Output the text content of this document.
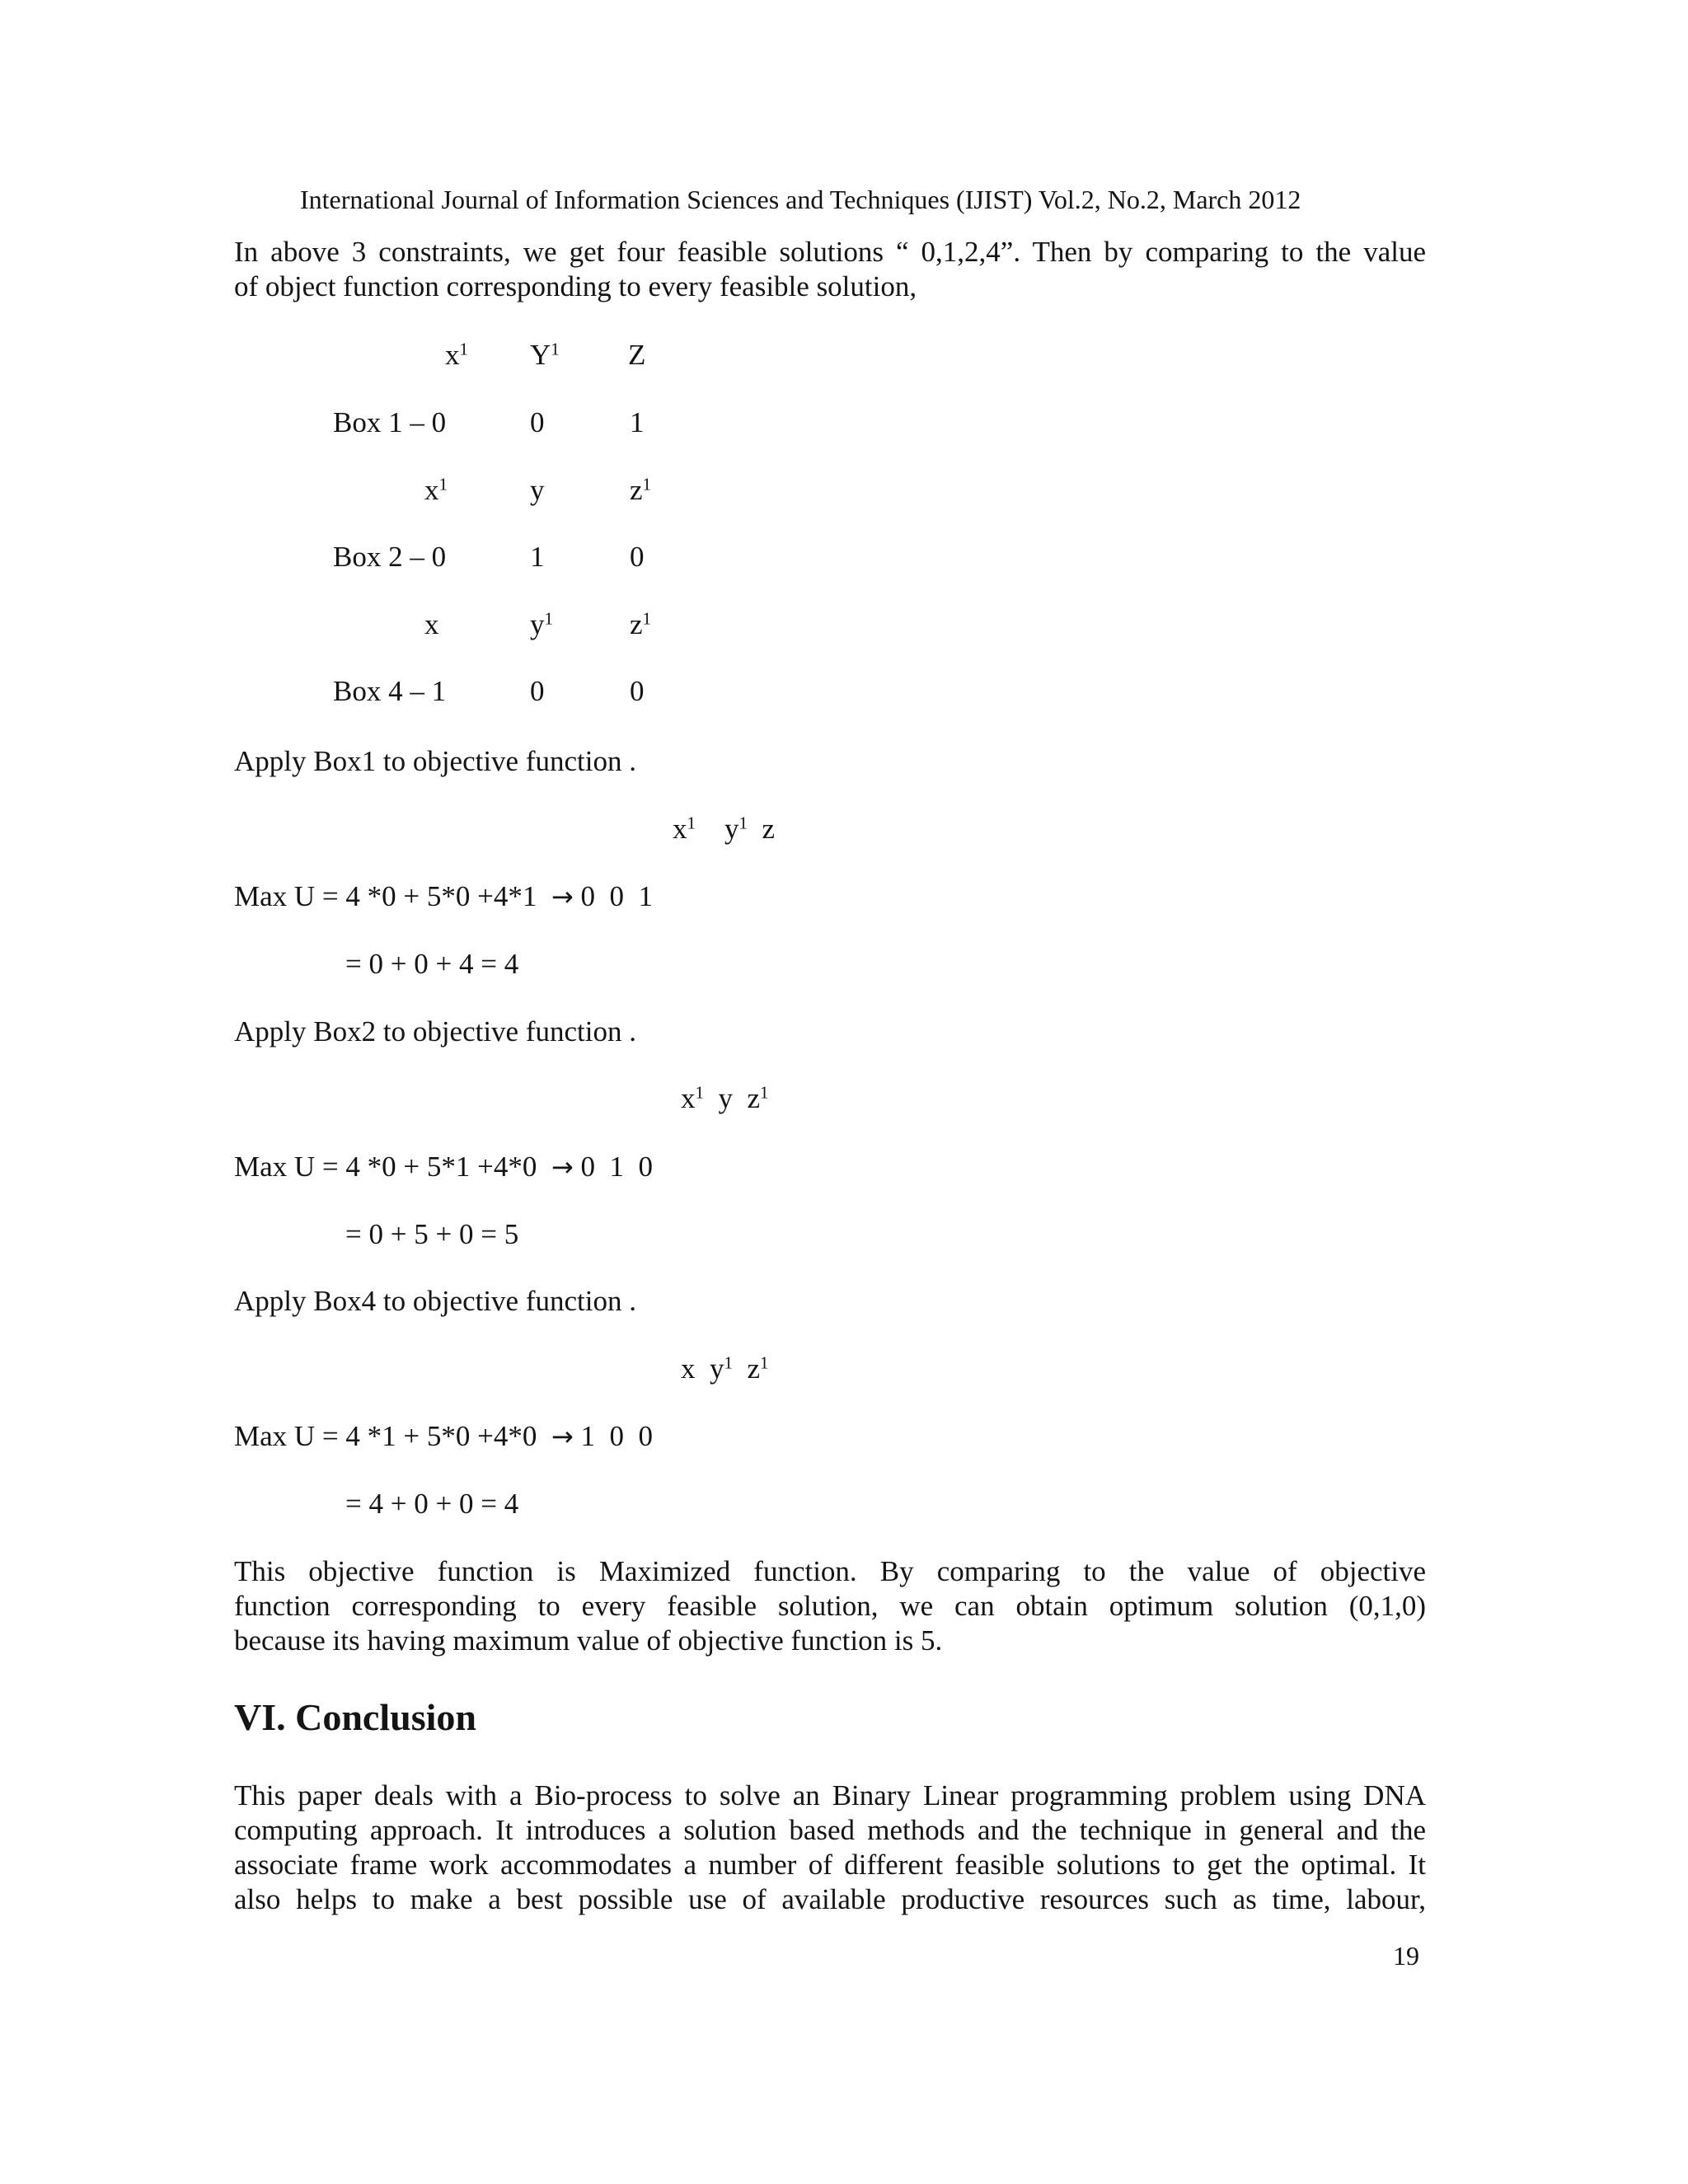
International Journal of Information Sciences and Techniques (IJIST) Vol.2, No.2, March 2012
In above 3 constraints, we get four feasible solutions “ 0,1,2,4”. Then by comparing to the value
of object function corresponding to every feasible solution,
$x^1$ $Y^1$ Z
Box 1 – 0	0	1
$x^1$	y	$z^1$
Box 2 – 0	1	0
x	$y^1$	$z^1$
Box 4 – 1	0	0
Apply Box1 to objective function .
$x^1$ $y^1$ z
Max U = 4 *0 + 5*0 +4*1 → 0  0  1
= 0 + 0 + 4 = 4
Apply Box2 to objective function .
$x^1$ y $z^1$
Max U = 4 *0 + 5*1 +4*0 → 0  1  0
= 0 + 5 + 0 = 5
Apply Box4 to objective function .
x $y^1$ $z^1$
Max U = 4 *1 + 5*0 +4*0 → 1  0  0
= 4 + 0 + 0 = 4
This objective function is Maximized function. By comparing to the value of objective
function corresponding to every feasible solution, we can obtain optimum solution (0,1,0)
because its having maximum value of objective function is 5.
VI. Conclusion
This paper deals with a Bio-process to solve an Binary Linear programming problem using DNA
computing approach. It introduces a solution based methods and the technique in general and the
associate frame work accommodates a number of different feasible solutions to get the optimal. It
also helps to make a best possible use of available productive resources such as time, labour,
19
